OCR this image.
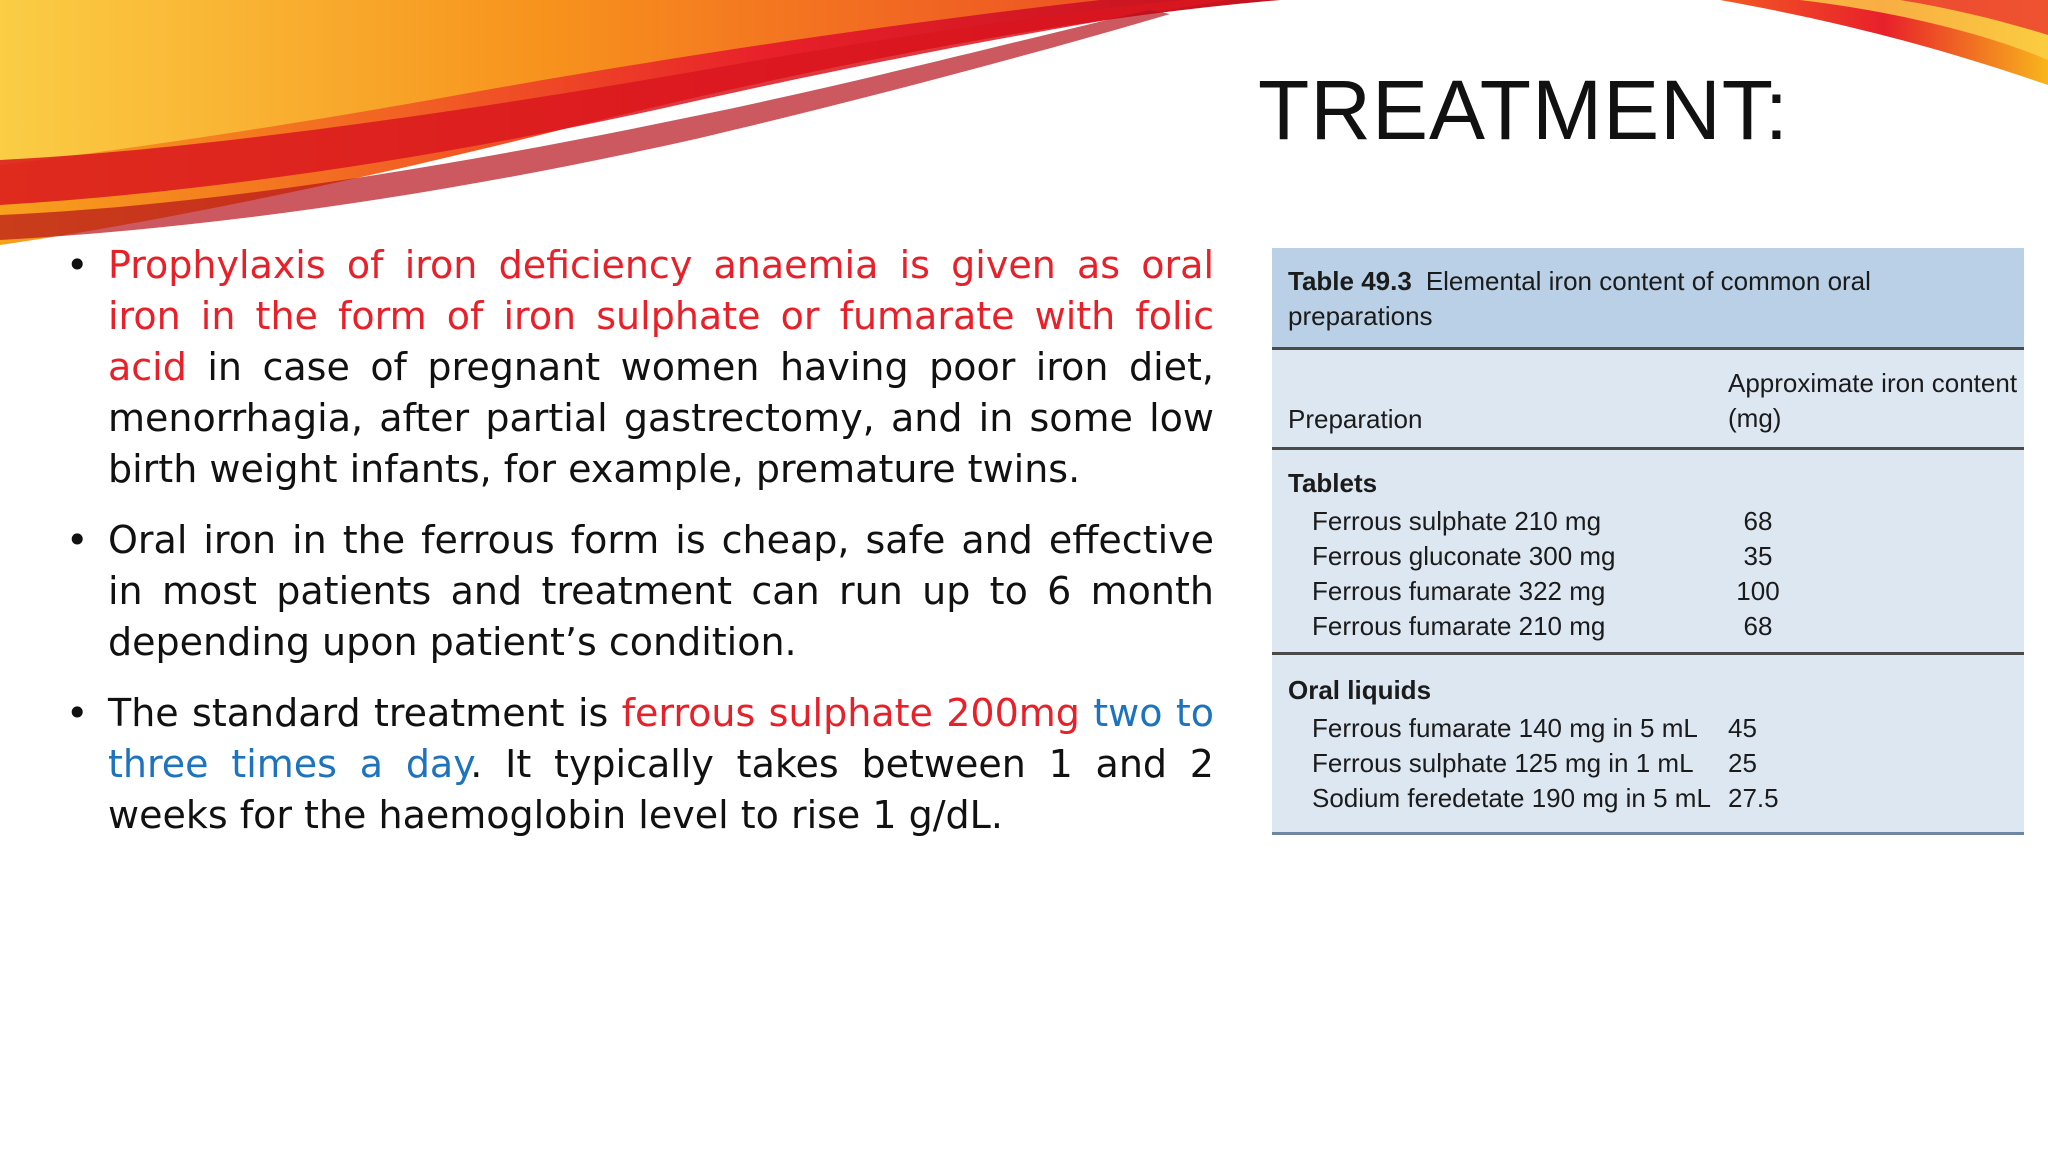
TREATMENT:
• Prophylaxis of iron deficiency anaemia is given as oral iron in the form of iron sulphate or fumarate with folic acid in case of pregnant women having poor iron diet, menorrhagia, after partial gastrectomy, and in some low birth weight infants, for example, premature twins.
• Oral iron in the ferrous form is cheap, safe and effective in most patients and treatment can run up to 6 month depending upon patient’s condition.
• The standard treatment is ferrous sulphate 200mg two to three times a day. It typically takes between 1 and 2 weeks for the haemoglobin level to rise 1 g/dL.
Table 49.3 Elemental iron content of common oral preparations
Preparation
Approximate iron content (mg)
Tablets
Ferrous sulphate 210 mg	68
Ferrous gluconate 300 mg	35
Ferrous fumarate 322 mg	100
Ferrous fumarate 210 mg	68
Oral liquids
Ferrous fumarate 140 mg in 5 mL 45
Ferrous sulphate 125 mg in 1 mL 25
Sodium feredetate 190 mg in 5 mL 27.5
